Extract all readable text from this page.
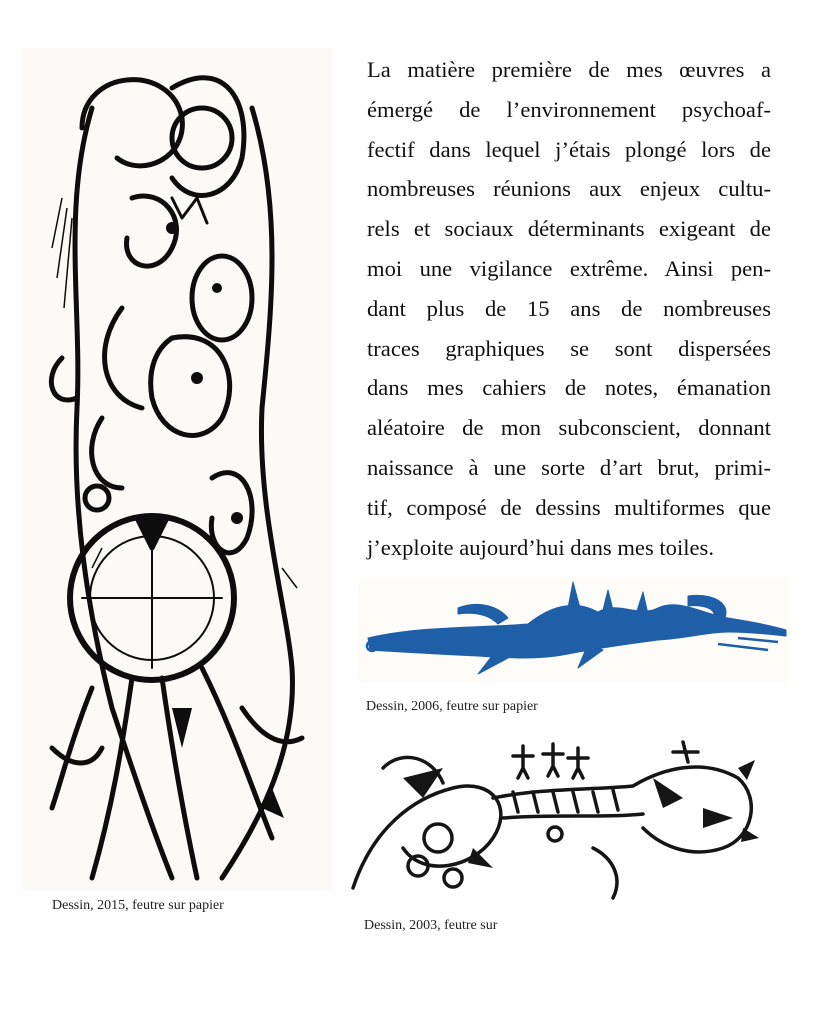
La matière première de mes œuvres a
émergé de l’environnement psychoaf-
fectif dans lequel j’étais plongé lors de
nombreuses réunions aux enjeux cultu-
rels et sociaux déterminants exigeant de
moi une vigilance extrême. Ainsi pen-
dant plus de 15 ans de nombreuses
traces graphiques se sont dispersées
dans mes cahiers de notes, émanation
aléatoire de mon subconscient, donnant
naissance à une sorte d’art brut, primi-
tif, composé de dessins multiformes que
j’exploite aujourd’hui dans mes toiles.

Dessin, 2015, feutre sur papier
Dessin, 2006, feutre sur papier
Dessin, 2003, feutre sur
